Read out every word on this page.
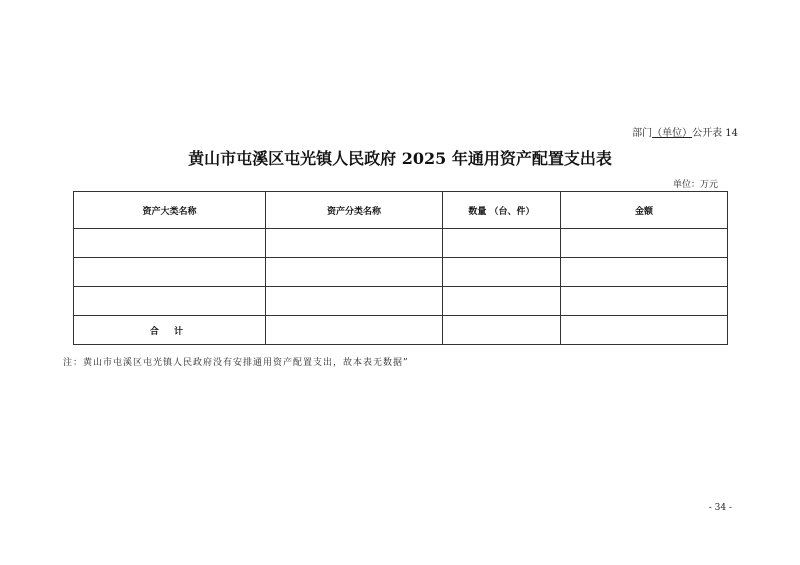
部门（单位）公开表 14
黄山市屯溪区屯光镇人民政府 2025 年通用资产配置支出表
单位：万元
资产大类名称	资产分类名称	数量 （台、件）	金额

合 计			
注：黄山市屯溪区屯光镇人民政府没有安排通用资产配置支出，故本表无数据”
- 34 -
